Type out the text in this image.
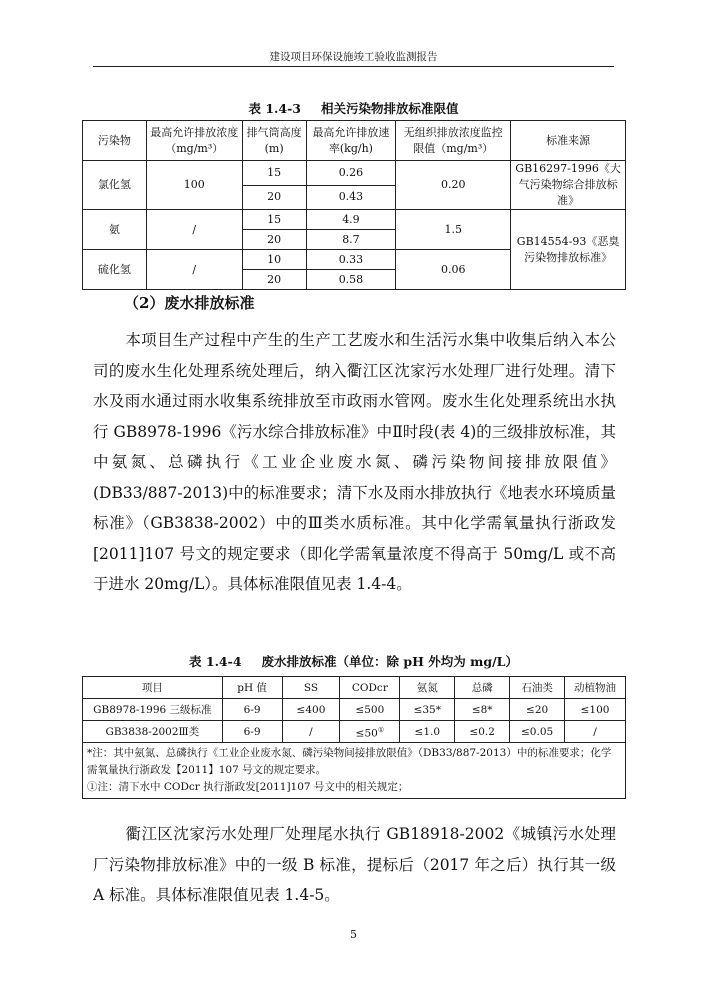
建设项目环保设施竣工验收监测报告
表 1.4-3 相关污染物排放标准限值
污染物	最高允许排放浓度（mg/m³）	排气筒高度(m)	最高允许排放速率(kg/h)	无组织排放浓度监控限值（mg/m³）	标准来源
氯化氢	100	15	0.26	0.20	GB16297-1996《大气污染物综合排放标准》
		20	0.43		
氨	/	15	4.9	1.5	GB14554-93《恶臭污染物排放标准》
		20	8.7		
硫化氢	/	10	0.33	0.06	
		20	0.58		
（2）废水排放标准

本项目生产过程中产生的生产工艺废水和生活污水集中收集后纳入本公司的废水生化处理系统处理后，纳入衢江区沈家污水处理厂进行处理。清下水及雨水通过雨水收集系统排放至市政雨水管网。废水生化处理系统出水执行 GB8978-1996《污水综合排放标准》中Ⅱ时段(表 4)的三级排放标准，其中氨氮、总磷执行《工业企业废水氮、磷污染物间接排放限值》(DB33/887-2013)中的标准要求；清下水及雨水排放执行《地表水环境质量标准》（GB3838-2002）中的Ⅲ类水质标准。其中化学需氧量执行浙政发[2011]107 号文的规定要求（即化学需氧量浓度不得高于 50mg/L 或不高于进水 20mg/L）。具体标准限值见表 1.4-4。

表 1.4-4 废水排放标准（单位：除 pH 外均为 mg/L）
项目	pH 值	SS	CODcr	氨氮	总磷	石油类	动植物油
GB8978-1996 三级标准	6-9	≤400	≤500	≤35*	≤8*	≤20	≤100
GB3838-2002Ⅲ类	6-9	/	≤50①	≤1.0	≤0.2	≤0.05	/

*注：其中氨氮、总磷执行《工业企业废水氮、磷污染物间接排放限值》（DB33/887-2013）中的标准要求；化学需氧量执行浙政发【2011】107 号文的规定要求。
①注：清下水中 CODcr 执行浙政发[2011]107 号文中的相关规定；							

衢江区沈家污水处理厂处理尾水执行 GB18918-2002《城镇污水处理厂污染物排放标准》中的一级 B 标准，提标后（2017 年之后）执行其一级 A 标准。具体标准限值见表 1.4-5。

5
